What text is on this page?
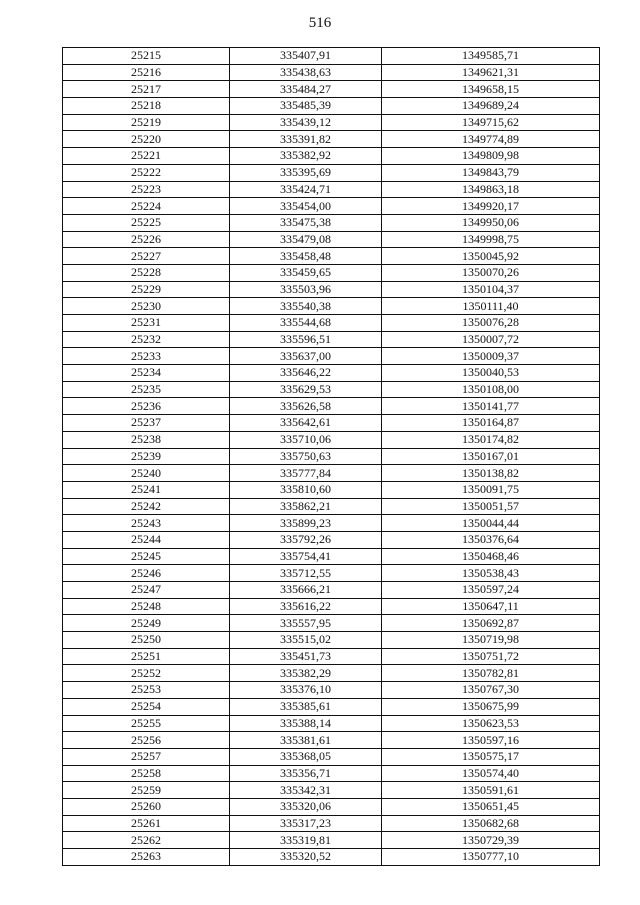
516
25215	335407,91	1349585,71
25216	335438,63	1349621,31
25217	335484,27	1349658,15
25218	335485,39	1349689,24
25219	335439,12	1349715,62
25220	335391,82	1349774,89
25221	335382,92	1349809,98
25222	335395,69	1349843,79
25223	335424,71	1349863,18
25224	335454,00	1349920,17
25225	335475,38	1349950,06
25226	335479,08	1349998,75
25227	335458,48	1350045,92
25228	335459,65	1350070,26
25229	335503,96	1350104,37
25230	335540,38	1350111,40
25231	335544,68	1350076,28
25232	335596,51	1350007,72
25233	335637,00	1350009,37
25234	335646,22	1350040,53
25235	335629,53	1350108,00
25236	335626,58	1350141,77
25237	335642,61	1350164,87
25238	335710,06	1350174,82
25239	335750,63	1350167,01
25240	335777,84	1350138,82
25241	335810,60	1350091,75
25242	335862,21	1350051,57
25243	335899,23	1350044,44
25244	335792,26	1350376,64
25245	335754,41	1350468,46
25246	335712,55	1350538,43
25247	335666,21	1350597,24
25248	335616,22	1350647,11
25249	335557,95	1350692,87
25250	335515,02	1350719,98
25251	335451,73	1350751,72
25252	335382,29	1350782,81
25253	335376,10	1350767,30
25254	335385,61	1350675,99
25255	335388,14	1350623,53
25256	335381,61	1350597,16
25257	335368,05	1350575,17
25258	335356,71	1350574,40
25259	335342,31	1350591,61
25260	335320,06	1350651,45
25261	335317,23	1350682,68
25262	335319,81	1350729,39
25263	335320,52	1350777,10
